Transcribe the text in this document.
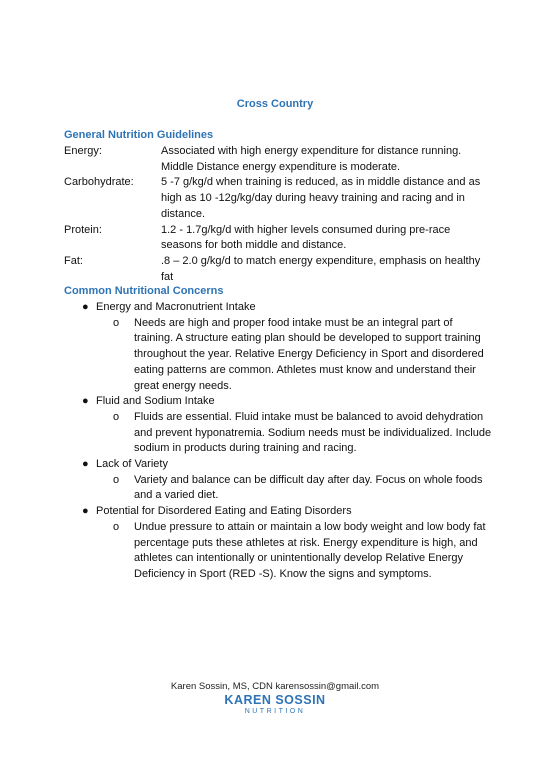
Cross Country
General Nutrition Guidelines
Energy:	Associated with high energy expenditure for distance running. Middle Distance energy expenditure is moderate.
Carbohydrate:	5 -7 g/kg/d when training is reduced, as in middle distance and as high as 10 -12g/kg/day during heavy training and racing and in distance.
Protein:	1.2 - 1.7g/kg/d with higher levels consumed during pre-race seasons for both middle and distance.
Fat:	.8 – 2.0 g/kg/d to match energy expenditure, emphasis on healthy fat
Common Nutritional Concerns
● Energy and Macronutrient Intake
o Needs are high and proper food intake must be an integral part of training. A structure eating plan should be developed to support training throughout the year. Relative Energy Deficiency in Sport and disordered eating patterns are common. Athletes must know and understand their great energy needs.
● Fluid and Sodium Intake
o Fluids are essential. Fluid intake must be balanced to avoid dehydration and prevent hyponatremia. Sodium needs must be individualized. Include sodium in products during training and racing.
● Lack of Variety
o Variety and balance can be difficult day after day. Focus on whole foods and a varied diet.
● Potential for Disordered Eating and Eating Disorders
o Undue pressure to attain or maintain a low body weight and low body fat percentage puts these athletes at risk. Energy expenditure is high, and athletes can intentionally or unintentionally develop Relative Energy Deficiency in Sport (RED -S). Know the signs and symptoms.
Karen Sossin, MS, CDN karensossin@gmail.com
KAREN SOSSIN
NUTRITION
